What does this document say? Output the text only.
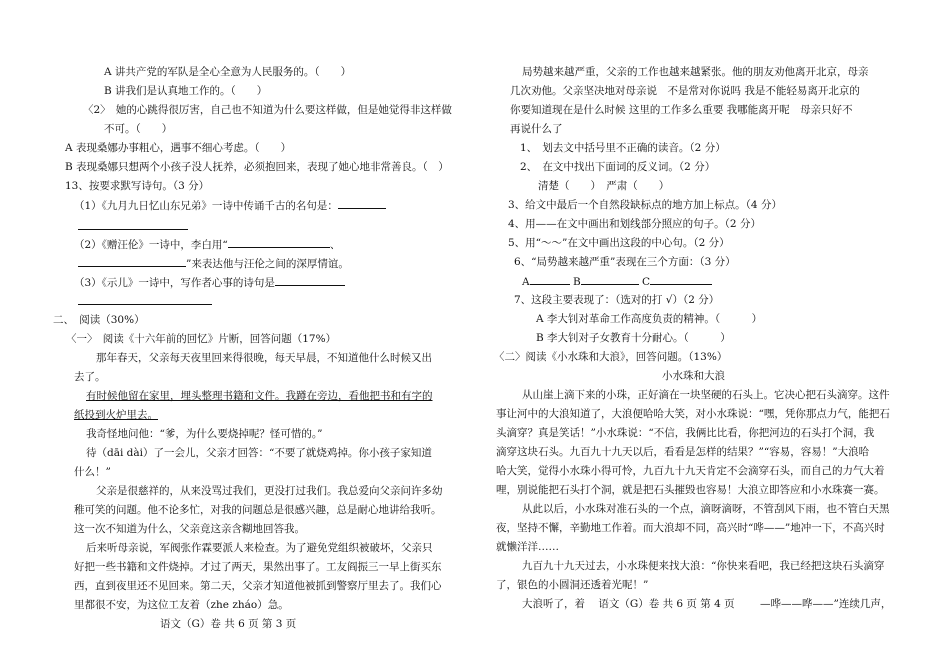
A 讲共产党的军队是全心全意为人民服务的。（　　）
B 讲我们是认真地工作的。（　　）
〈2〉　她的心跳得很厉害，自己也不知道为什么要这样做，但是她觉得非这样做
不可。（　　）
A 表现桑娜办事粗心，遇事不细心考虑。（　　）
B 表现桑娜只想两个小孩子没人抚养，必须抱回来，表现了她心地非常善良。（　）
13、按要求默写诗句。（3 分）
（1）《九月九日忆山东兄弟》一诗中传诵千古的名句是：
（2）《赠汪伦》一诗中，李白用“	、
”来表达他与汪伦之间的深厚情谊。
（3）《示儿》一诗中，写作者心事的诗句是
二、　阅读（30%）
〈一〉　阅读《十六年前的回忆》片断，回答问题（17%）
那年春天，父亲每天夜里回来得很晚，每天早晨，不知道他什么时候又出
去了。
有时候他留在家里，埋头整理书籍和文件。我蹲在旁边，看他把书和有字的
纸投到火炉里去。
我奇怪地问他：“爹，为什么要烧掉呢？怪可惜的。”
待（dāi dài）了一会儿，父亲才回答：“不要了就烧鸡掉。你小孩子家知道
什么！”
父亲是很慈祥的，从来没骂过我们，更没打过我们。我总爱向父亲问许多幼
稚可笑的问题。他不论多忙，对我的问题总是很感兴趣，总是耐心地讲给我听。
这一次不知道为什么，父亲竟这亲含糊地回答我。
后来听母亲说，军阀张作霖要派人来检查。为了避免党组织被破坏，父亲只
好把一些书籍和文件烧掉。才过了两天，果然出事了。工友阎振三一早上街买东
西，直到夜里还不见回来。第二天，父亲才知道他被抓到警察厅里去了。我们心
里都很不安，为这位工友着（zhe zháo）急。
语文（G）卷 共 6 页 第 3 页
局势越来越严重，父亲的工作也越来越紧张。他的朋友劝他离开北京，母亲
几次劝他。父亲坚决地对母亲说　不是常对你说吗 我是不能轻易离开北京的
你要知道现在是什么时候 这里的工作多么重要 我哪能离开呢　母亲只好不
再说什么了
1、　划去文中括号里不正确的读音。（2 分）
2、　在文中找出下面词的反义词。（2 分）
清楚（　　）　严肃（　　）
3、给文中最后一个自然段缺标点的地方加上标点。（4 分）
4、用——在文中画出和划线部分照应的句子。（2 分）
5、用“～～”在文中画出这段的中心句。（2 分）
6、“局势越来越严重”表现在三个方面：（3 分）
A	B	C
7、这段主要表现了：（选对的打 √）（2 分）
A 李大钊对革命工作高度负责的精神。（　　　）
B 李大钊对子女教育十分耐心。（　　　）
〈二〉阅读《小水珠和大浪》，回答问题。（13%）
小水珠和大浪
从山崖上滴下来的小珠，正好滴在一块坚硬的石头上。它决心把石头滴穿。这件
事让河中的大浪知道了，大浪便哈哈大笑，对小水珠说：“嘿，凭你那点力气，能把石
头滴穿？真是笑话！”小水珠说：“不信，我俩比比看，你把河边的石头打个洞，我
滴穿这块石头。九百九十九天以后，看看是怎样的结果？”“容易，容易！”大浪哈
哈大笑，觉得小水珠小得可怜，九百九十九天肯定不会滴穿石头，而自己的力气大着
哩，别说能把石头打个洞，就是把石头摧毁也容易！大浪立即答应和小水珠赛一赛。
从此以后，小水珠对准石头的一个点，滴呀滴呀，不管刮风下雨，也不管白天黑
夜，坚持不懈，辛勤地工作着。而大浪却不同，高兴时“哗——”地冲一下，不高兴时
就懒洋洋……
九百九十九天过去，小水珠便来找大浪：“你快来看吧，我已经把这块石头滴穿
了，银色的小圆洞还透着光呢！”
大浪听了，着 语文（G）卷 共 6 页 第 4 页 —哗——哗——”连续几声，
